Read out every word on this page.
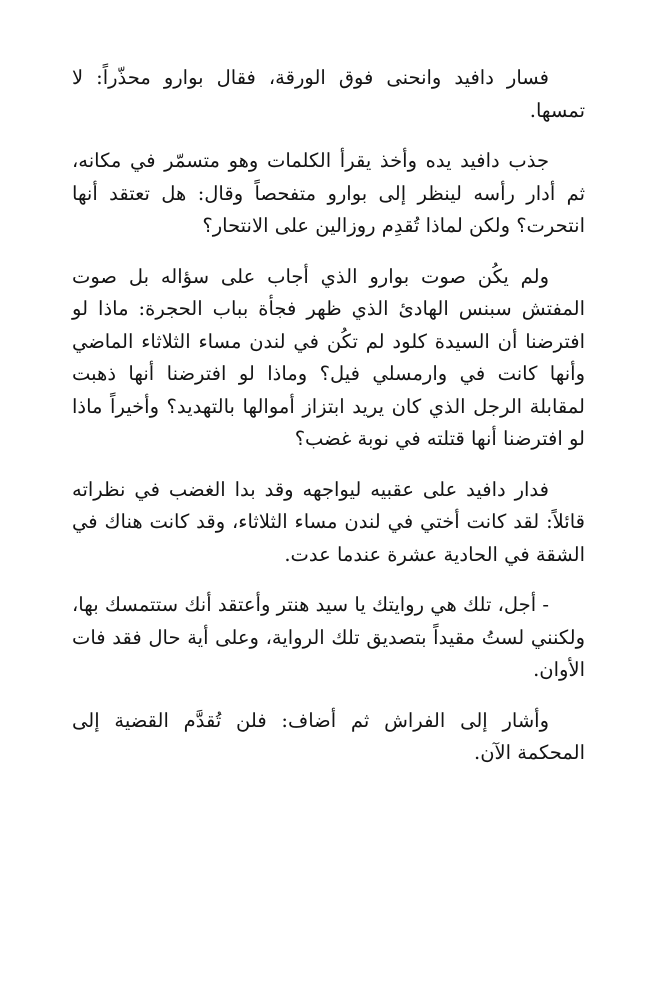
فسار دافيد وانحنى فوق الورقة، فقال بوارو محذّراً: لا تمسها.

جذب دافيد يده وأخذ يقرأ الكلمات وهو متسمّر في مكانه، ثم أدار رأسه لينظر إلى بوارو متفحصاً وقال: هل تعتقد أنها انتحرت؟ ولكن لماذا تُقدِم روزالين على الانتحار؟

ولم يكُن صوت بوارو الذي أجاب على سؤاله بل صوت المفتش سبنس الهادئ الذي ظهر فجأة بباب الحجرة: ماذا لو افترضنا أن السيدة كلود لم تكُن في لندن مساء الثلاثاء الماضي وأنها كانت في وارمسلي فيل؟ وماذا لو افترضنا أنها ذهبت لمقابلة الرجل الذي كان يريد ابتزاز أموالها بالتهديد؟ وأخيراً ماذا لو افترضنا أنها قتلته في نوبة غضب؟

فدار دافيد على عقبيه ليواجهه وقد بدا الغضب في نظراته قائلاً: لقد كانت أختي في لندن مساء الثلاثاء، وقد كانت هناك في الشقة في الحادية عشرة عندما عدت.

- أجل، تلك هي روايتك يا سيد هنتر وأعتقد أنك ستتمسك بها، ولكنني لستُ مقيداً بتصديق تلك الرواية، وعلى أية حال فقد فات الأوان.

وأشار إلى الفراش ثم أضاف: فلن تُقدَّم القضية إلى المحكمة الآن.
